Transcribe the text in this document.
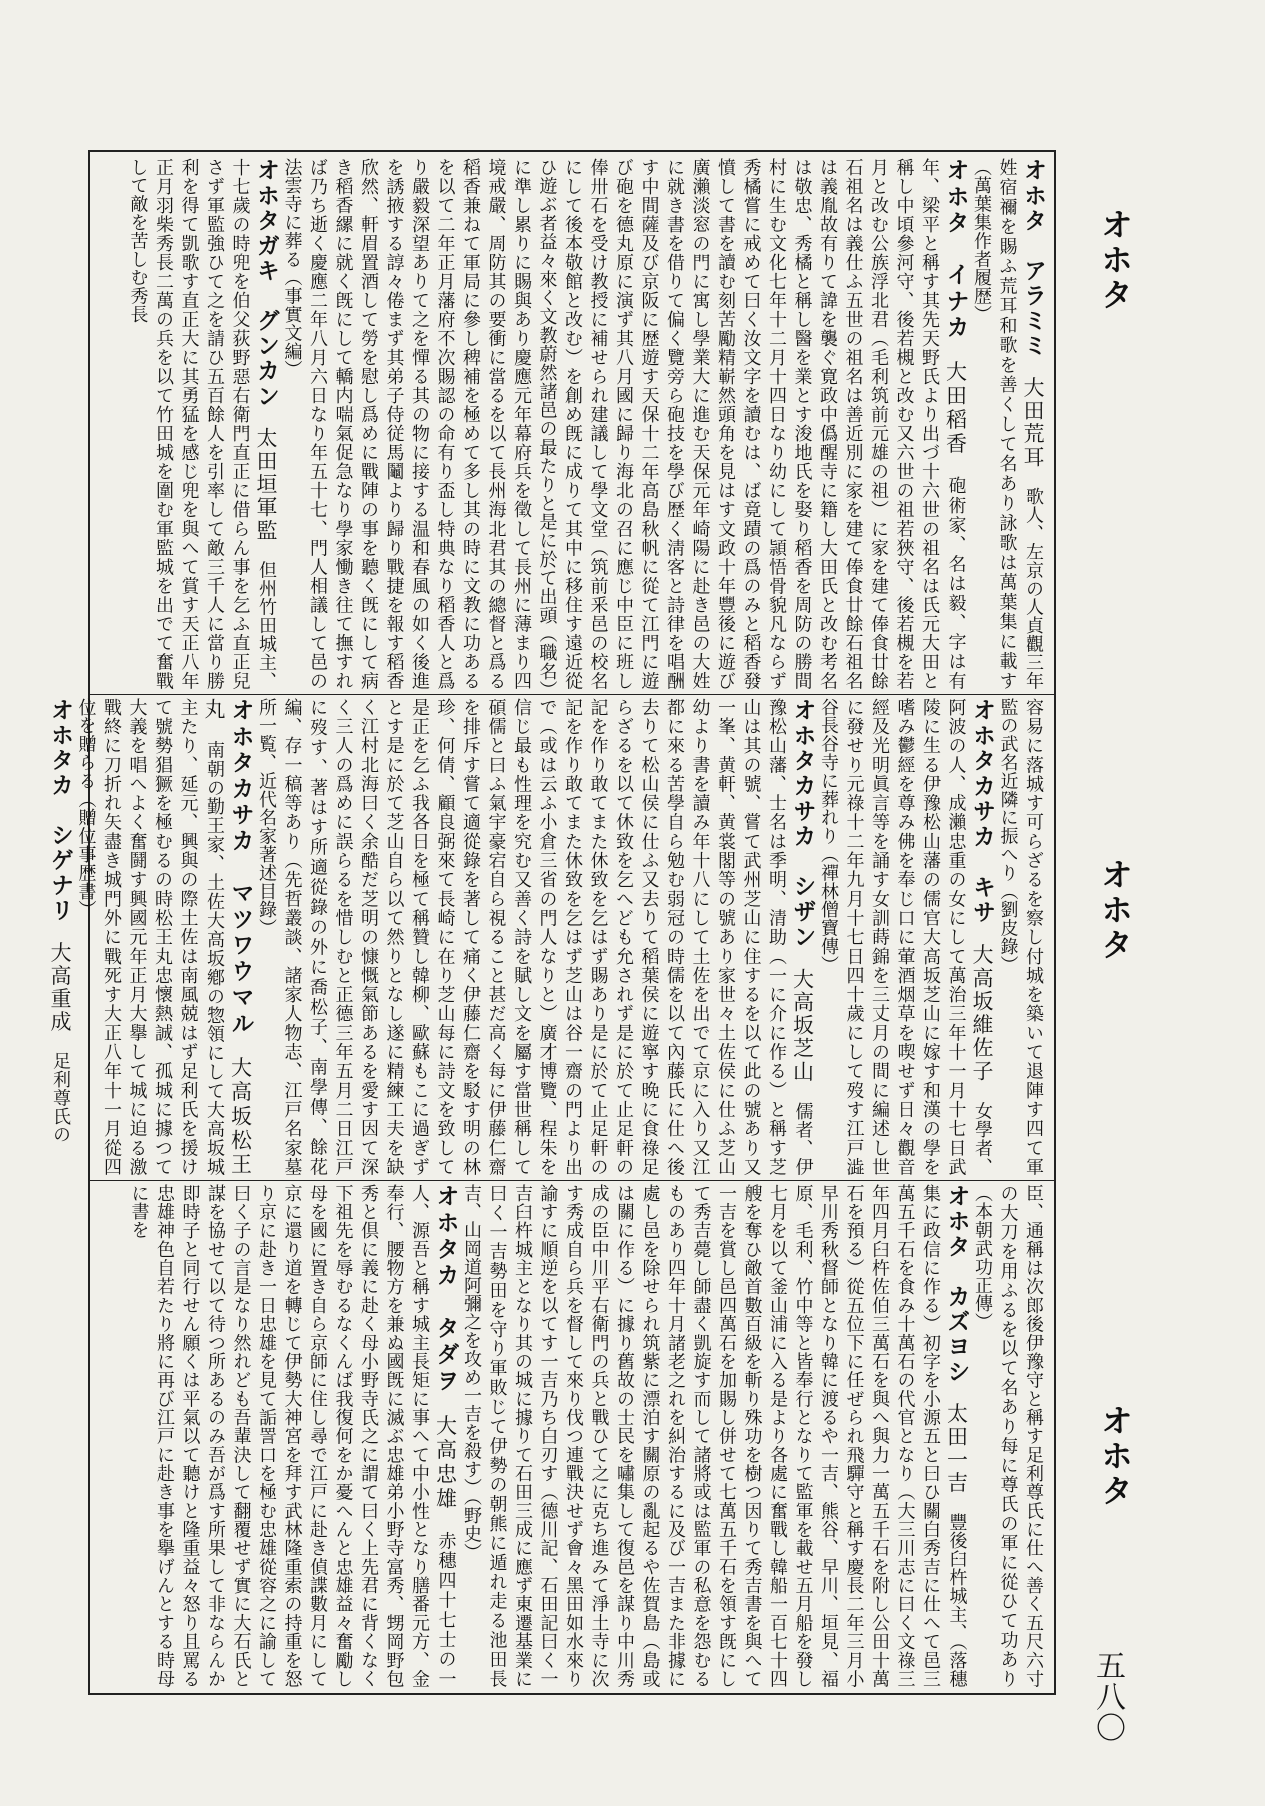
オホタ　アラミミ　大田荒耳　歌人、左京の人貞觀三年姓宿禰を賜ふ荒耳和歌を善くして名あり詠歌は萬葉集に載す（萬葉集作者履歴）
オホタ　イナカ　大田稻香　砲術家、名は毅、字は有年、梁平と稱す其先天野氏より出づ十六世の祖名は氏元大田と稱し中頃參河守、後若槻と改む又六世の祖若狹守、後若槻を若月と改む公族浮北君（毛利筑前元雄の祖）に家を建て俸食廿餘石祖名は義仕ふ五世の祖名は善近別に家を建て俸食廿餘石祖名は義胤故有りて諱を襲ぐ寛政中僞醒寺に籍し大田氏と改む考名は敬忠、秀橘と稱し醫を業とす浚地氏を娶り稻香を周防の勝間村に生む文化七年十二月十四日なり幼にして頴悟骨貌凡ならず秀橘嘗に戒めて曰く汝文字を讀むは、ば竟蹟の爲のみと稻香發憤して書を讀む刻苦勵精嶄然頭角を見はす文政十年豐後に遊び廣瀨淡窓の門に寓し學業大に進む天保元年崎陽に赴き邑の大姓に就き書を借りて偏く覽旁ら砲技を學び歴く淸客と詩律を唱酬す中間薩及び京阪に歴遊す天保十二年高島秋帆に從て江門に遊び砲を德丸原に演ず其八月國に歸り海北の召に應じ中臣に班し俸卅石を受け教授に補せられ建議して學文堂（筑前釆邑の校名にして後本敬館と改む）を創め旣に成りて其中に移住す遠近從ひ遊ぶ者益々來く文教蔚然諸邑の最たりと是に於て出頭（職名）に準し累りに賜與あり慶應元年幕府兵を徵して長州に薄まり四境戒嚴、周防其の要衝に當るを以て長州海北君其の總督と爲る稻香兼ねて軍局に參し稗補を極めて多し其の時に文教に功あるを以て二年正月藩府不次賜認の命有り盃し特典なり稻香人と爲り嚴毅深望ありて之を憚る其の物に接する温和春風の如く後進を誘掖する諄々倦まず其弟子侍従馬鬮より歸り戰捷を報す稻香欣然、軒眉置酒して勞を慰し爲めに戰陣の事を聽く旣にして病き稻香縲に就く旣にして轎内喘氣促急なり學家慟き往て撫すれば乃ち逝く慶應二年八月六日なり年五十七、門人相議して邑の法雲寺に葬る（事實文編）
オホタガキ　グンカン　太田垣軍監　但州竹田城主、十七歲の時兜を伯父荻野惡右衛門直正に借らん事を乞ふ直正兒さず軍監強ひて之を請ひ五百餘人を引率して敵三千人に當り勝利を得て凱歌す直正大に其勇猛を感じ兜を與へて賞す天正八年正月羽柴秀長二萬の兵を以て竹田城を圍む軍監城を出でて奮戰して敵を苦しむ秀長
容易に落城す可らざるを察し付城を築いて退陣す四て軍監の武名近隣に振へり（劉皮錄）
オホタカサカ　キサ　大高坂維佐子　女學者、阿波の人、成瀨忠重の女にして萬治三年十一月十七日武陵に生る伊豫松山藩の儒官大高坂芝山に嫁す和漢の學を嗜み鬱經を尊み佛を奉じ口に葷酒烟草を喫せず日々觀音經及光明眞言等を誦す女訓蒔錦を三丈月の間に編述し世に發せり元祿十二年九月十七日四十歲にして歿す江戸澁谷長谷寺に葬れり（禪林僧寶傳）
オホタカサカ　シザン　大高坂芝山　儒者、伊豫松山藩、士名は季明、清助（一に介に作る）と稱す芝山は其の號、嘗て武州芝山に住するを以て此の號あり又一峯、黄軒、黄裳閣等の號あり家世々土佐侯に仕ふ芝山幼より書を讀み年十八にして土佐を出でて京に入り又江都に來る苦學自ら勉む弱冠の時儒を以て內藤氏に仕へ後去りて松山侯に仕ふ又去りて稻葉侯に遊寧す晩に食祿足らざるを以て休致を乞へども允されず是に於て止足軒の記を作り敢てまた休致を乞はず賜あり是に於て止足軒の記を作り敢てまた休致を乞はず芝山は谷一齋の門より出で（或は云ふ小倉三省の門人なりと）廣才博覽、程朱を信じ最も性理を究む又善く詩を賦し文を屬す當世稱して碩儒と曰ふ氣宇豪宕自ら視ること甚だ高く每に伊藤仁齋を排斥す嘗て適從錄を著して痛く伊藤仁齋を駁す明の林珍、何倩、顧良弼來て長崎に在り芝山每に詩文を致して是正を乞ふ我各日を極て稱贊し韓柳、歐蘇もこに過ぎずとす是に於て芝山自ら以て然りとなし遂に精練工夫を缺く江村北海曰く余酷だ芝明の慷慨氣節あるを愛す因て深く三人の爲めに誤らるを惜しむと正德三年五月二日江戸に歿す、著はす所適從錄の外に喬松子、南學傳、餘花編、存一稿等あり（先哲叢談、諸家人物志、江戸名家墓所一覧、近代名家著述目錄）
オホタカサカ　マツワウマル　大高坂松王丸　南朝の勤王家、土佐大高坂鄕の惣領にして大高坂城主たり、延元、興與の際土佐は南風兢はず足利氏を援けて號勢猖獗を極むるの時松王丸忠懷熱誠、孤城に據つて大義を唱へよく奮鬪す興國元年正月大擧して城に迫る激戰終に刀折れ矢盡き城門外に戰死す大正八年十一月從四位を贈らる（贈位事歴書）
オホタカ　シゲナリ　大高重成　足利尊氏の
臣、通稱は次郎後伊豫守と稱す足利尊氏に仕へ善く五尺六寸の大刀を用ふるを以て名あり每に尊氏の軍に從ひて功あり（本朝武功正傳）
オホタ　カズヨシ　太田一吉　豐後臼杵城主、（落穗集に政信に作る）初字を小源五と曰ひ關白秀吉に仕へて邑三萬五千石を食み十萬石の代官となり（大三川志に曰く文祿三年四月臼杵佐伯三萬石を與へ與力一萬五千石を附し公田十萬石を預る）從五位下に任ぜられ飛驒守と稱す慶長二年三月小早川秀秋督師となり韓に渡るや一吉、熊谷、早川、垣見、福原、毛利、竹中等と皆奉行となりて監軍を載せ五月船を發し七月を以て釜山浦に入る是より各處に奮戰し韓船一百七十四艘を奪ひ敵首數百級を斬り殊功を樹つ因りて秀吉書を與へて一吉を賞し邑四萬石を加賜し併せて七萬五千石を領す旣にして秀吉薨し師盡く凱旋す而して諸將或は監軍の私意を怨むるものあり四年十月諸老之れを糾治するに及び一吉また非據に處し邑を除せられ筑紫に漂泊す關原の亂起るや佐賀島（島或は關に作る）に據り舊故の士民を嘯集して復邑を謀り中川秀成の臣中川平右衛門の兵と戰ひて之に克ち進みて淨土寺に次す秀成自ら兵を督して來り伐つ連戰決せず會々黑田如水來り諭すに順逆を以てす一吉乃ち白刃す（德川記、石田記曰く一吉臼杵城主となり其の城に據りて石田三成に應ず東遷基業に曰く一吉勢田を守り軍敗じて伊勢の朝熊に遁れ走る池田長吉、山岡道阿彌之を攻め一吉を殺す）（野史）
オホタカ　タダヲ　大高忠雄　赤穗四十七士の一人、源吾と稱す城主長矩に事へて中小性となり膳番元方、金奉行、腰物方を兼ぬ國旣に滅ぶ忠雄弟小野寺富秀、甥岡野包秀と倶に義に赴く母小野寺氏之に謂て曰く上先君に背くなく下祖先を辱むるなくんば我復何をか憂へんと忠雄益々奮勵し母を國に置き自ら京師に住し尋で江戸に赴き偵諜數月にして京に還り道を轉じて伊勢大神宮を拜す武林隆重索の持重を怒り京に赴き一日忠雄を見て詬詈口を極む忠雄從容之に諭して曰く子の言是なり然れども吾輩決して翻覆せず實に大石氏と謀を協せて以て待つ所あるのみ吾が爲す所果して非ならんか即時子と同行せん願くは平氣以て聽けと隆重益々怒り且罵る忠雄神色自若たり將に再び江戸に赴き事を擧げんとする時母に書を
オホタ
オホタ
オホタ
五八〇
